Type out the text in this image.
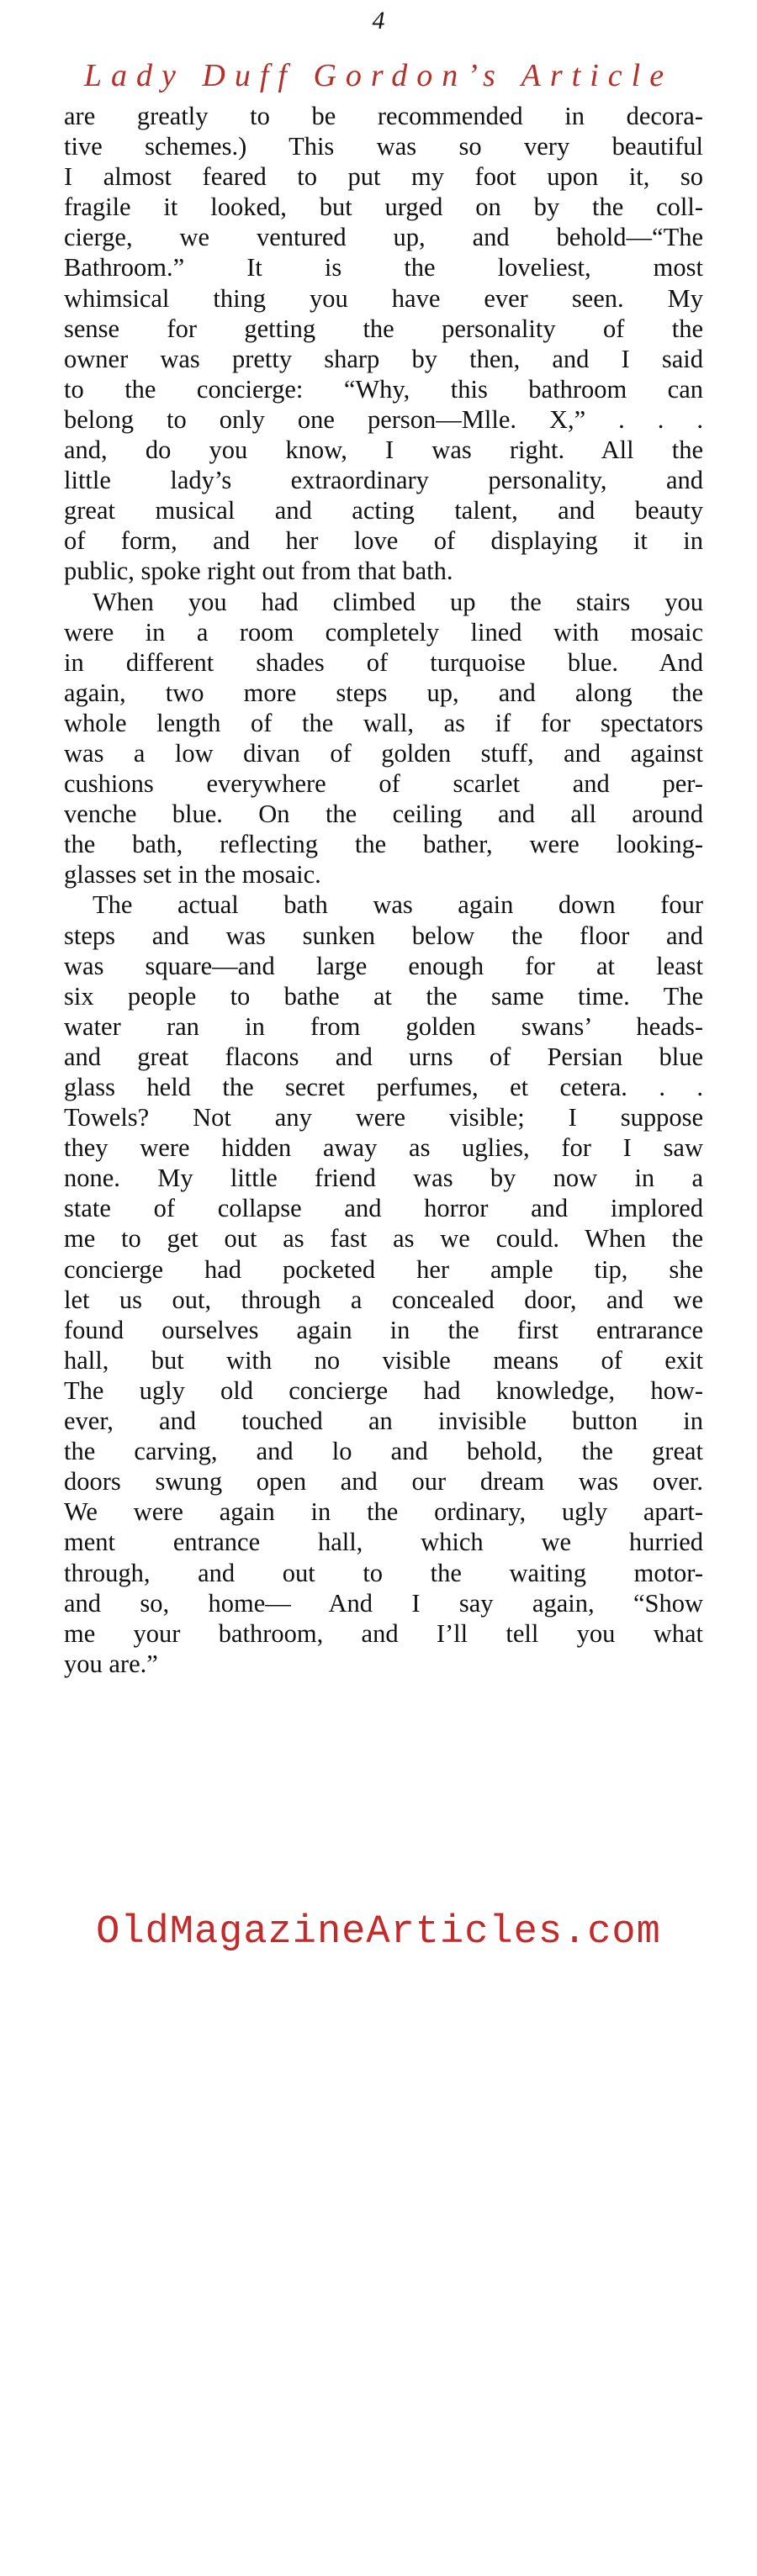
4
Lady Duff Gordon’s Article
are greatly to be recommended in decora-
tive schemes.) This was so very beautiful
I almost feared to put my foot upon it, so
fragile it looked, but urged on by the coll-
cierge, we ventured up, and behold—“The
Bathroom.” It is the loveliest, most
whimsical thing you have ever seen. My
sense for getting the personality of the
owner was pretty sharp by then, and I said
to the concierge: “Why, this bathroom can
belong to only one person—Mlle. X,” . . .
and, do you know, I was right. All the
little lady’s extraordinary personality, and
great musical and acting talent, and beauty
of form, and her love of displaying it in
public, spoke right out from that bath.
When you had climbed up the stairs you
were in a room completely lined with mosaic
in different shades of turquoise blue. And
again, two more steps up, and along the
whole length of the wall, as if for spectators
was a low divan of golden stuff, and against
cushions everywhere of scarlet and per-
venche blue. On the ceiling and all around
the bath, reflecting the bather, were looking-
glasses set in the mosaic.
The actual bath was again down four
steps and was sunken below the floor and
was square—and large enough for at least
six people to bathe at the same time. The
water ran in from golden swans’ heads-
and great flacons and urns of Persian blue
glass held the secret perfumes, et cetera. . .
Towels? Not any were visible; I suppose
they were hidden away as uglies, for I saw
none. My little friend was by now in a
state of collapse and horror and implored
me to get out as fast as we could. When the
concierge had pocketed her ample tip, she
let us out, through a concealed door, and we
found ourselves again in the first entrarance
hall, but with no visible means of exit
The ugly old concierge had knowledge, how-
ever, and touched an invisible button in
the carving, and lo and behold, the great
doors swung open and our dream was over.
We were again in the ordinary, ugly apart-
ment entrance hall, which we hurried
through, and out to the waiting motor-
and so, home— And I say again, “Show
me your bathroom, and I’ll tell you what
you are.”
OldMagazineArticles.com
